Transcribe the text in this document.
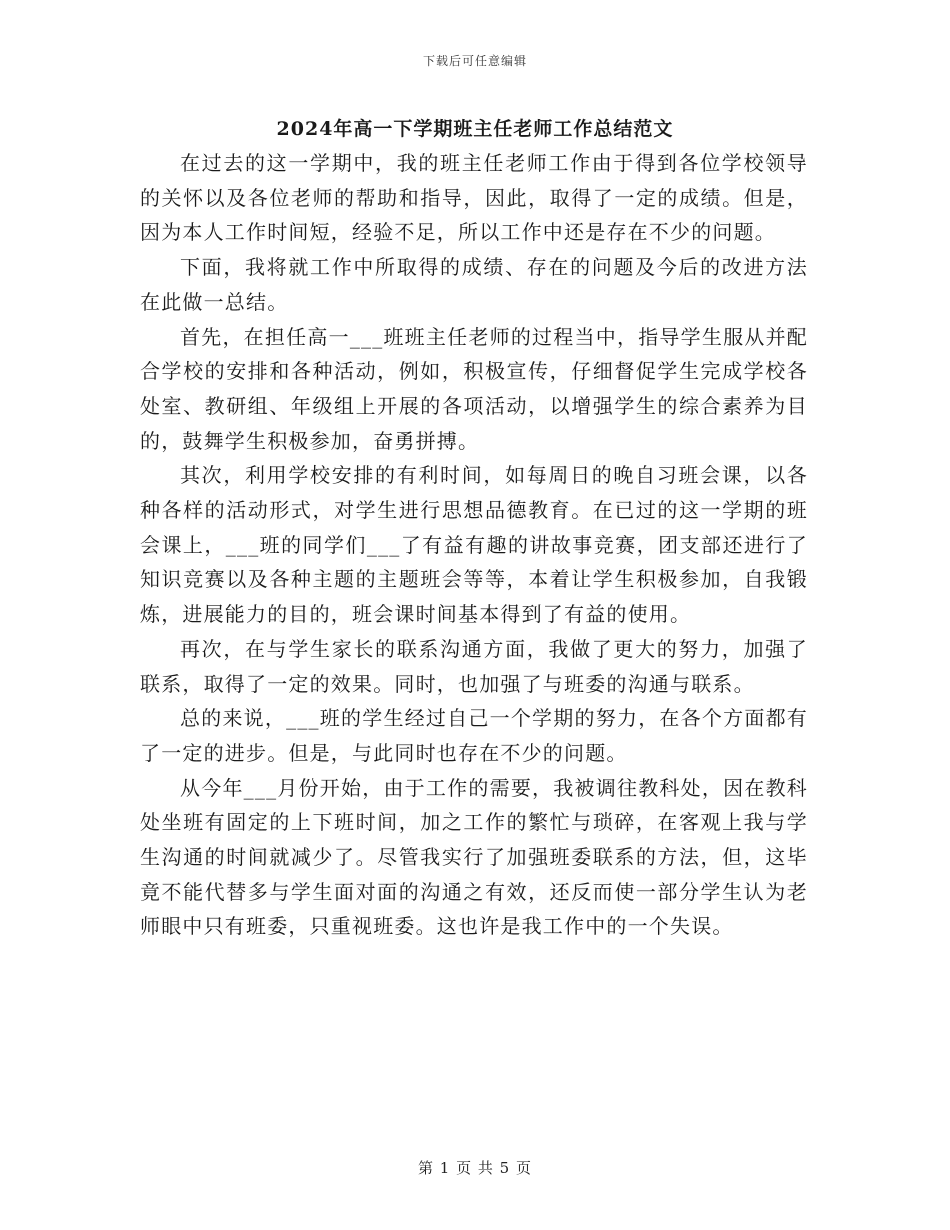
下载后可任意编辑
2024年高一下学期班主任老师工作总结范文

在过去的这一学期中，我的班主任老师工作由于得到各位学校领导的关怀以及各位老师的帮助和指导，因此，取得了一定的成绩。但是，因为本人工作时间短，经验不足，所以工作中还是存在不少的问题。

下面，我将就工作中所取得的成绩、存在的问题及今后的改进方法在此做一总结。

首先，在担任高一___班班主任老师的过程当中，指导学生服从并配合学校的安排和各种活动，例如，积极宣传，仔细督促学生完成学校各处室、教研组、年级组上开展的各项活动，以增强学生的综合素养为目的，鼓舞学生积极参加，奋勇拼搏。

其次，利用学校安排的有利时间，如每周日的晚自习班会课，以各种各样的活动形式，对学生进行思想品德教育。在已过的这一学期的班会课上，___班的同学们___了有益有趣的讲故事竞赛，团支部还进行了知识竞赛以及各种主题的主题班会等等，本着让学生积极参加，自我锻炼，进展能力的目的，班会课时间基本得到了有益的使用。

再次，在与学生家长的联系沟通方面，我做了更大的努力，加强了联系，取得了一定的效果。同时，也加强了与班委的沟通与联系。

总的来说，___班的学生经过自己一个学期的努力，在各个方面都有了一定的进步。但是，与此同时也存在不少的问题。

从今年___月份开始，由于工作的需要，我被调往教科处，因在教科处坐班有固定的上下班时间，加之工作的繁忙与琐碎，在客观上我与学生沟通的时间就减少了。尽管我实行了加强班委联系的方法，但，这毕竟不能代替多与学生面对面的沟通之有效，还反而使一部分学生认为老师眼中只有班委，只重视班委。这也许是我工作中的一个失误。

第 1 页 共 5 页
